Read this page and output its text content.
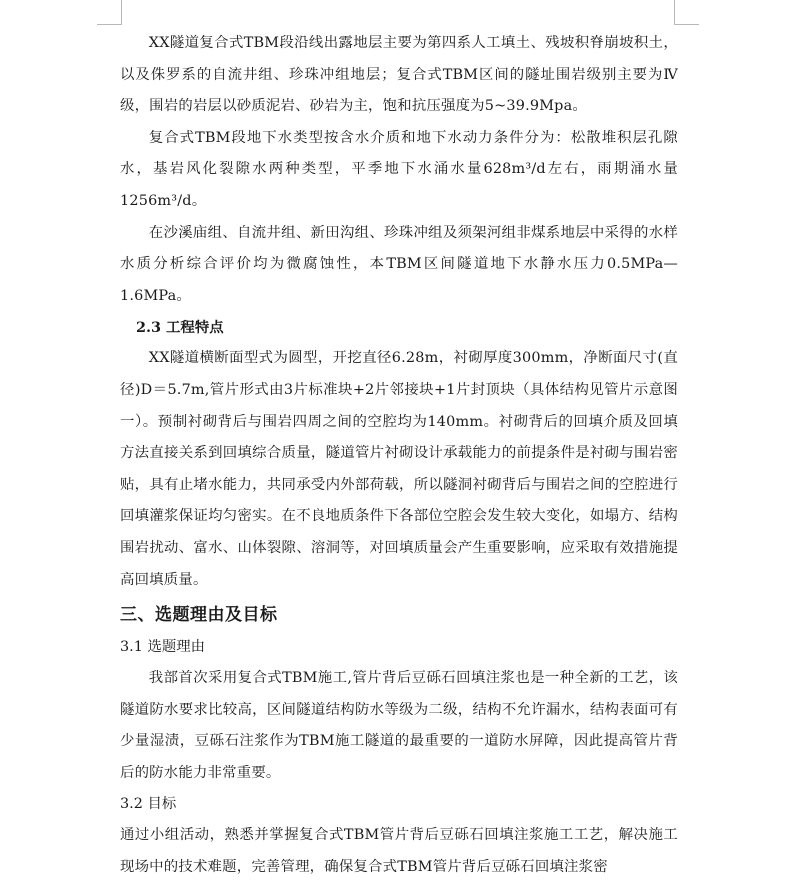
XX隧道复合式TBM段沿线出露地层主要为第四系人工填土、残坡积脊崩坡积土，以及侏罗系的自流井组、珍珠冲组地层；复合式TBM区间的隧址围岩级别主要为Ⅳ级，围岩的岩层以砂质泥岩、砂岩为主，饱和抗压强度为5~39.9Mpa。

复合式TBM段地下水类型按含水介质和地下水动力条件分为：松散堆积层孔隙水，基岩风化裂隙水两种类型，平季地下水涌水量628m³/d左右，雨期涌水量1256m³/d。

在沙溪庙组、自流井组、新田沟组、珍珠冲组及须架河组非煤系地层中采得的水样水质分析综合评价均为微腐蚀性，本TBM区间隧道地下水静水压力0.5MPa—1.6MPa。

2.3 工程特点

XX隧道横断面型式为圆型，开挖直径6.28m，衬砌厚度300mm，净断面尺寸(直径)D＝5.7m,管片形式由3片标准块+2片邻接块+1片封顶块（具体结构见管片示意图一）。预制衬砌背后与围岩四周之间的空腔均为140mm。衬砌背后的回填介质及回填方法直接关系到回填综合质量，隧道管片衬砌设计承载能力的前提条件是衬砌与围岩密贴，具有止堵水能力，共同承受内外部荷载，所以隧洞衬砌背后与围岩之间的空腔进行回填灌浆保证均匀密实。在不良地质条件下各部位空腔会发生较大变化，如塌方、结构围岩扰动、富水、山体裂隙、溶洞等，对回填质量会产生重要影响，应采取有效措施提高回填质量。

三、选题理由及目标

3.1 选题理由

我部首次采用复合式TBM施工,管片背后豆砾石回填注浆也是一种全新的工艺，该隧道防水要求比较高，区间隧道结构防水等级为二级，结构不允许漏水，结构表面可有少量湿渍，豆砾石注浆作为TBM施工隧道的最重要的一道防水屏障，因此提高管片背后的防水能力非常重要。

3.2 目标

通过小组活动，熟悉并掌握复合式TBM管片背后豆砾石回填注浆施工工艺，解决施工现场中的技术难题，完善管理，确保复合式TBM管片背后豆砾石回填注浆密
